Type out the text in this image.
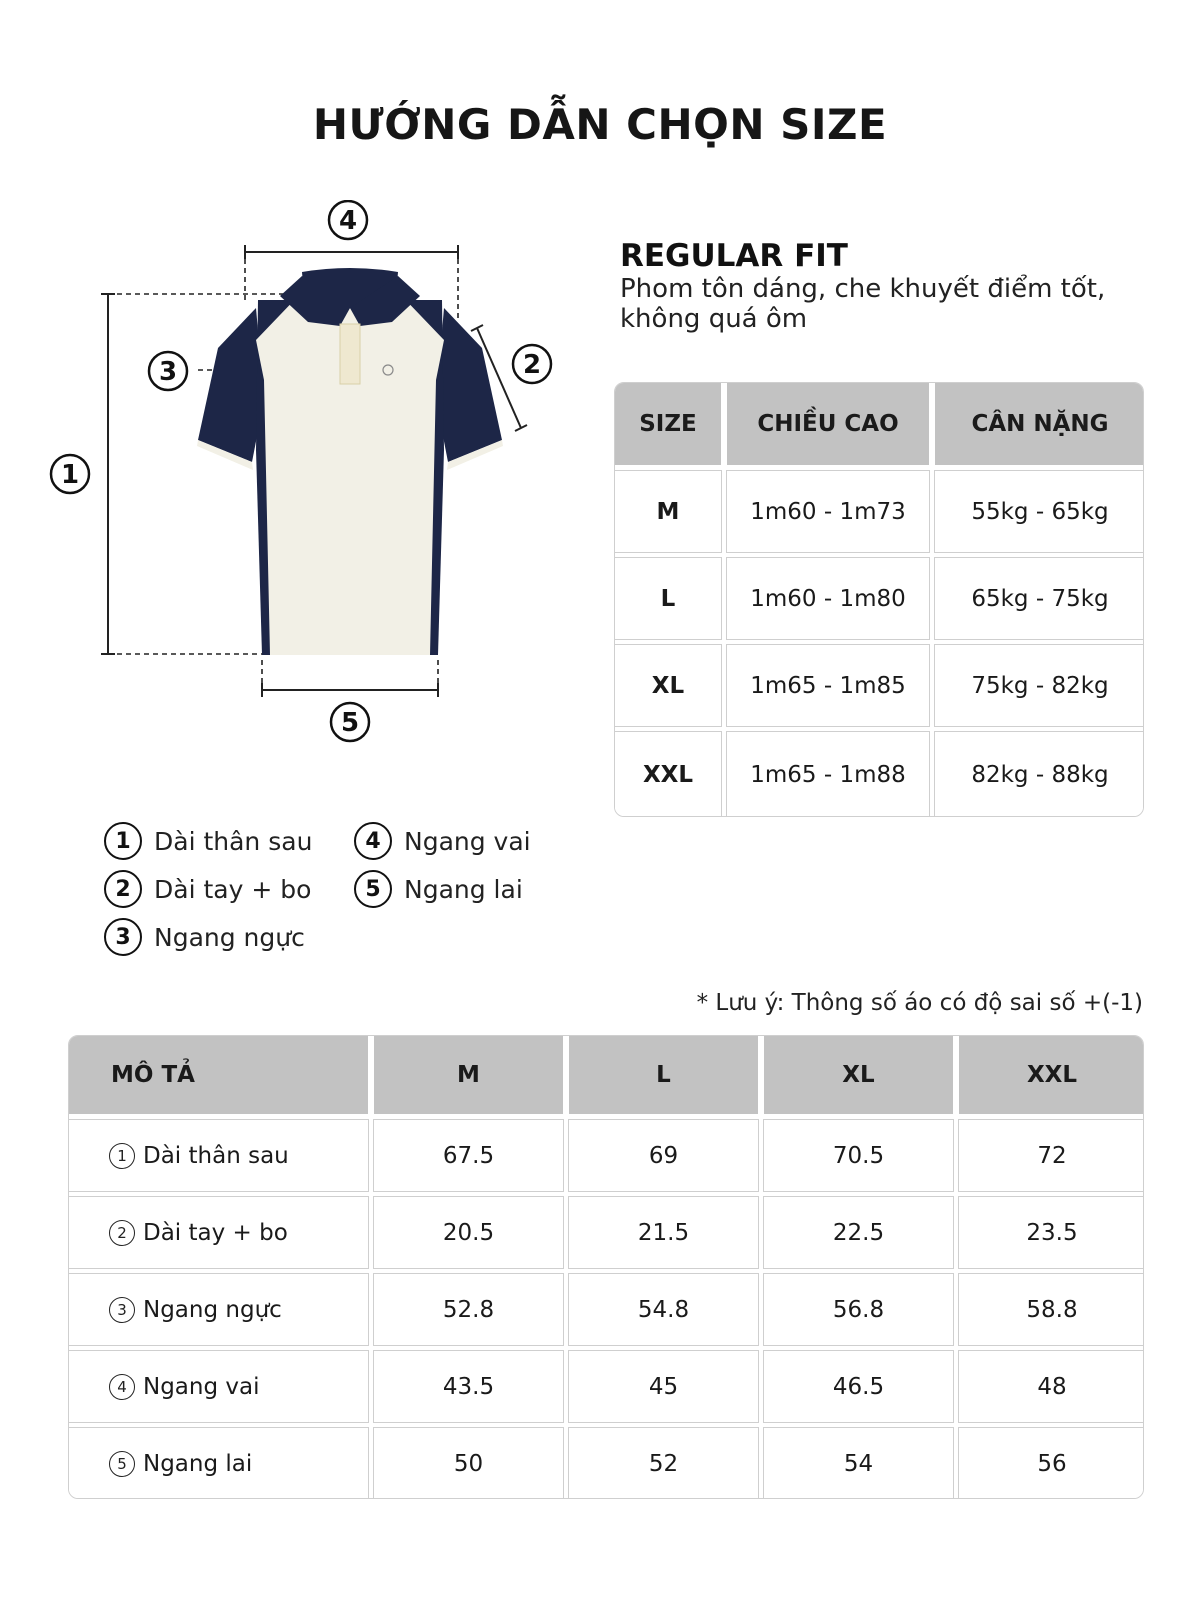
HƯỚNG DẪN CHỌN SIZE
1
2
3
4
5
REGULAR FIT
Phom tôn dáng, che khuyết điểm tốt, không quá ôm
SIZE	CHIỀU CAO	CÂN NẶNG
M	1m60 - 1m73	55kg - 65kg
L	1m60 - 1m80	65kg - 75kg
XL	1m65 - 1m85	75kg - 82kg
XXL	1m65 - 1m88	82kg - 88kg
1 Dài thân sau	4 Ngang vai
2 Dài tay + bo	5 Ngang lai
3 Ngang ngực
* Lưu ý: Thông số áo có độ sai số +(-1)
MÔ TẢ	M	L	XL	XXL
1 Dài thân sau	67.5	69	70.5	72
2 Dài tay + bo	20.5	21.5	22.5	23.5
3 Ngang ngực	52.8	54.8	56.8	58.8
4 Ngang vai	43.5	45	46.5	48
5 Ngang lai	50	52	54	56
